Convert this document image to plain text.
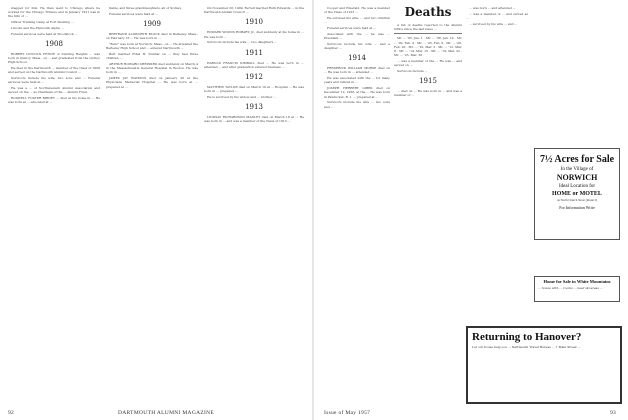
stagged for him. He then went to Chicago where he worked for the Chicago Tribune and in January 1921 was in the firm of ...

Officer Training Camp at Fort Snelling ...

Lincoln and the Plymouth Alpha ...

Funeral services were held at Woodstock ...

1908

ROBERT LINCOLN FENNE of Sterling Heights ... was born in Quincy, Mass., on ... and graduated from the Quincy High School.

He died in the Dartmouth ... member of the Class of 1908 and served on the Dartmouth Alumni Council ...

Survivors include his wife, two sons and ... Funeral services were held at ...

He was a ... of Northwestern Alumni Association and served on the ... as Chairman of the ... Alumni Fund.

ROSWELL FOSTER BIRNEY ... died at his home in ... He was born at ... educated at ...

tlable, and three granddaughters, all of Sydney.

Funeral services were held at ...

1909

BERTRAND ALDWORTH BLOCK died in Berkeley, Mass., on February 16 ... He was born in ...

"Buzz" was born at Norwich, Mass., on ... He attended the Berkeley High School and ... entered Dartmouth ...

Bert married Ethel H. Dunbar on ... they had three children ...

ARTHUR HOWARD SHEPPARD died suddenly on March 4 in the Massachusetts General Hospital in Boston. He was born in ...

JAMES JAY WATKINS died on January 26 at the Physicians Memorial Hospital ... He was born at ... prepared at ...

On November 28, 1909, Ferrell married Ruth Edwards ... in the Dartmouth Alumni Council ...

1910

EDWARD WOODS HOBART, Jr., died suddenly at his home in ... He was born ...

Survivors include his wife ... two daughters ...

1911

HAROLD FRANCIS KIMBALL died ... He was born in ... attended ... and after graduation entered business ...

1912

MATTHEW TAYLOR died on March 19 at ... Hospital ... He was born at ... prepared ...

He is survived by his widow and ... brother ...

1913

LINDSAY RICHARDSON MANLEY died on March 18 at ... He was born in ... and was a member of the Class of 1913 ...

92	DARTMOUTH ALUMNI MAGAZINE

Cooper and Emerald. He was a member of the Class of 1913 ...

He survived his wife, ... and two children ...

Funeral services were held at ...

Associated with the ... he was ... President ...

Survivors include his wife ... and a daughter ...

1914

FREDERICK WILLIAM MORSE died on ... He was born in ... attended ...

He was associated with the ... for many years and retired in ...

JOSEPH HERBERT GIBBS died on December 12, 1956, at the ... He was born in Pawtucket, R. I. ... prepared at ...

Survivors include his wife ... two sons and ...

Deaths

A list of deaths reported to the Alumni Office since the last issue ...

Mr. ... '95, Jan. 1 · Mr. ... '98, Jan. 14 · Mr. ... '02, Feb. 4 · Mr. ... '05, Feb. 9 · Mr. ... '08, Feb. 20 · Mr. ... '10, Mar. 2 · Mr. ... '12, Mar. 8 · Mr. ... '14, Mar. 15 · Mr. ... '19, Mar. 22 · Mr. ... '23, Mar. 30

... was a member of the ... He was ... and served on ...

Survivors include ...

1915

... died on ... He was born in ... and was a member of ...

... was born ... and attended ...

... was a member of ... and served as ...

... survived by his wife ... and ...

7½ Acres for Sale
In the Village of
NORWICH
Ideal Location for
HOME or MOTEL
on North Church Street (Route 5)
For Information Write
Home for Sale in White Mountains
... house with ... rooms ... near ski areas ...
Returning to Hanover?
Let our house help you ... Dartmouth Travel Bureau ... 7 Main Street ...
Issue of May 1957	93
